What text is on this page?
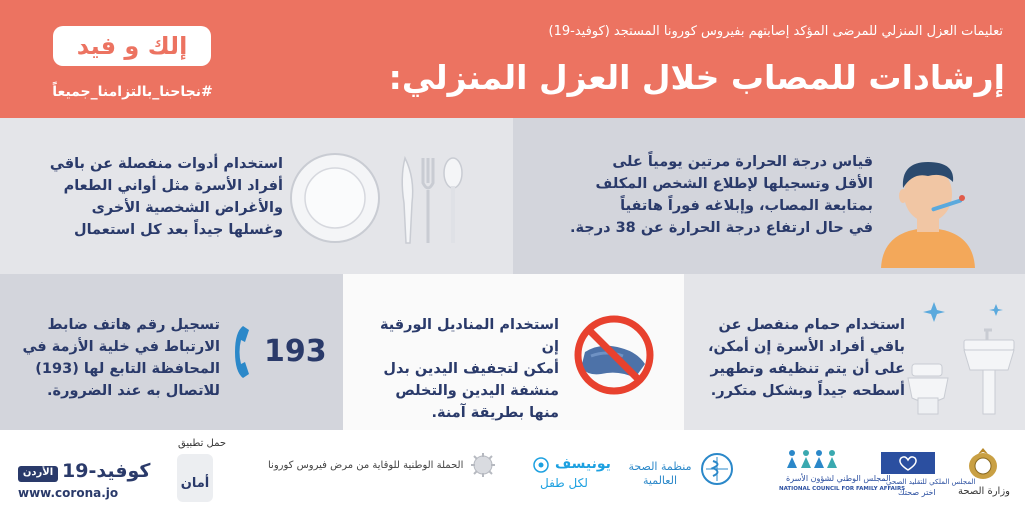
تعليمات العزل المنزلي للمرضى المؤكد إصابتهم بفيروس كورونا المستجد (كوفيد-19)
إرشادات للمصاب خلال العزل المنزلي:
إلك و فيد
#نجاحنا_بالتزامنا_جميعاً
قياس درجة الحرارة مرتين يومياً على
الأقل وتسجيلها لإطلاع الشخص المكلف
بمتابعة المصاب، وإبلاغه فوراً هاتفياً
في حال ارتفاع درجة الحرارة عن 38 درجة.
استخدام أدوات منفصلة عن باقي
أفراد الأسرة مثل أواني الطعام
والأغراض الشخصية الأخرى
وغسلها جيداً بعد كل استعمال
استخدام حمام منفصل عن
باقي أفراد الأسرة إن أمكن،
على أن يتم تنظيفه وتطهير
أسطحه جيداً وبشكل متكرر.
استخدام المناديل الورقية إن
أمكن لتجفيف اليدين بدل
منشفة اليدين والتخلص
منها بطريقة آمنة.
تسجيل رقم هاتف ضابط
الارتباط في خلية الأزمة في
المحافظة التابع لها (193)
للاتصال به عند الضرورة.
193
وزارة الصحة
المجلس الملكي للتقليد الصحي
اختر صحتك
المجلس الوطني لشؤون الأسرة
NATIONAL COUNCIL FOR FAMILY AFFAIRS
منظمة الصحة العالمية
يونيسف
لكل طفل
الحملة الوطنية للوقاية من مرض فيروس كورونا
حمل تطبيق
أمان
الأردن كوفيد-19
www.corona.jo
